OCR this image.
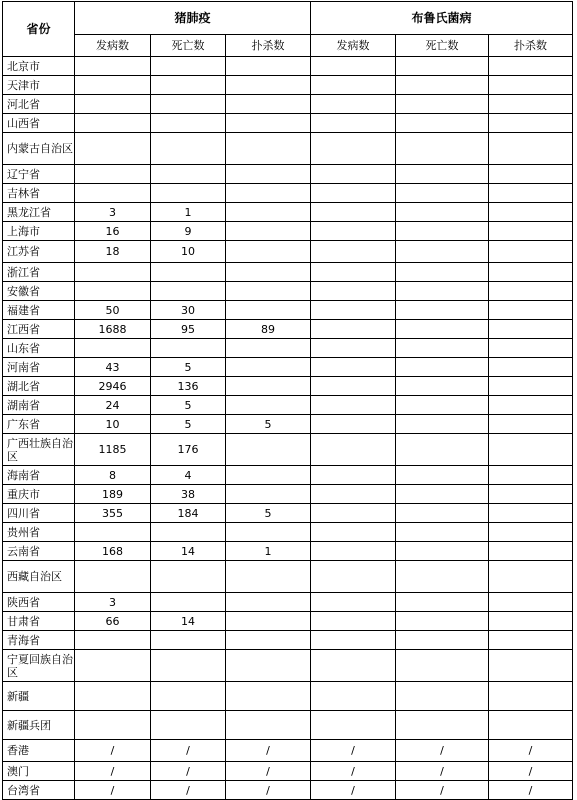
省份	猪肺疫			布鲁氏菌病		
	发病数	死亡数	扑杀数	发病数	死亡数	扑杀数
北京市						
天津市						
河北省						
山西省						
内蒙古自治区						
辽宁省						
吉林省						
黑龙江省	3	1				
上海市	16	9				
江苏省	18	10				
浙江省						
安徽省						
福建省	50	30				
江西省	1688	95	89			
山东省						
河南省	43	5				
湖北省	2946	136				
湖南省	24	5				
广东省	10	5	5			
广西壮族自治区	1185	176				
海南省	8	4				
重庆市	189	38				
四川省	355	184	5			
贵州省						
云南省	168	14	1			
西藏自治区						
陕西省	3					
甘肃省	66	14				
青海省						
宁夏回族自治区						
新疆						
新疆兵团						
香港	/	/	/	/	/	/
澳门	/	/	/	/	/	/
台湾省	/	/	/	/	/	/
